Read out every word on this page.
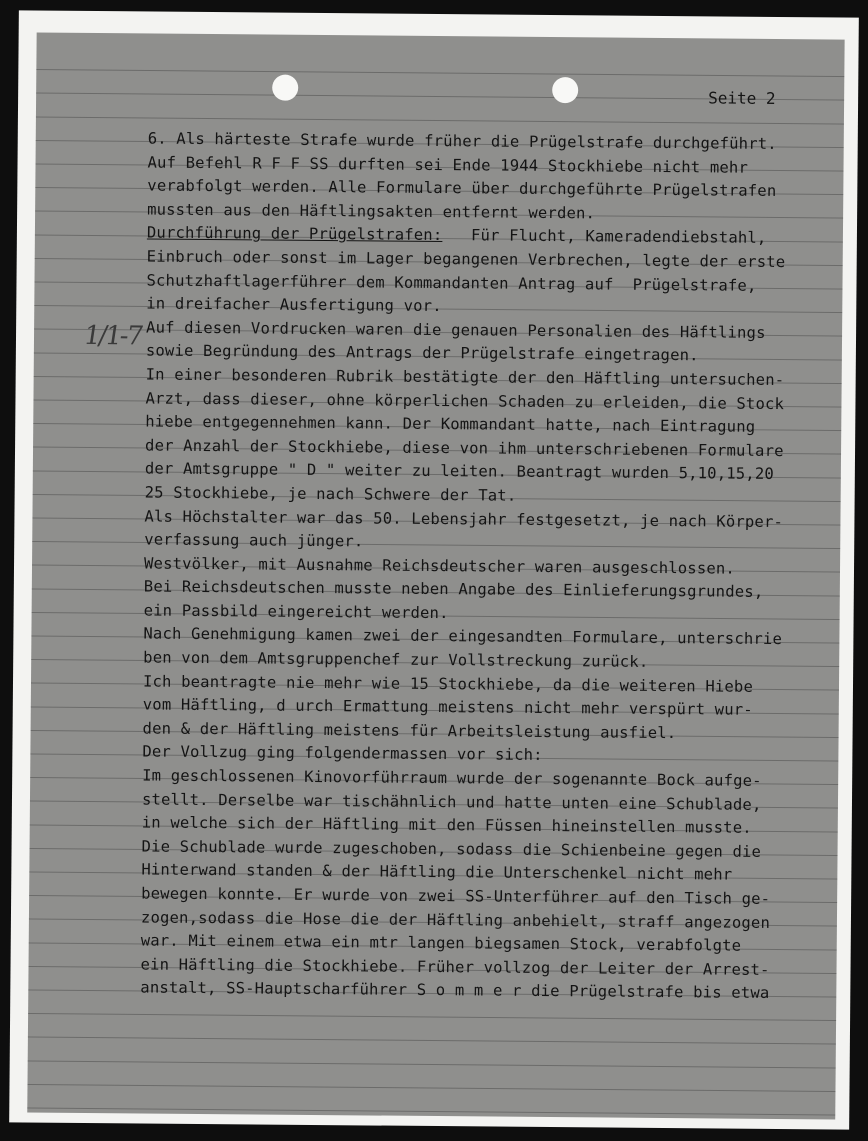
Seite 2
1/1-7
6. Als härteste Strafe wurde früher die Prügelstrafe durchgeführt.
Auf Befehl R F F SS durften sei Ende 1944 Stockhiebe nicht mehr
verabfolgt werden. Alle Formulare über durchgeführte Prügelstrafen
mussten aus den Häftlingsakten entfernt werden.
Durchführung der Prügelstrafen:   Für Flucht, Kameradendiebstahl,
Einbruch oder sonst im Lager begangenen Verbrechen, legte der erste
Schutzhaftlagerführer dem Kommandanten Antrag auf  Prügelstrafe,
in dreifacher Ausfertigung vor.
Auf diesen Vordrucken waren die genauen Personalien des Häftlings
sowie Begründung des Antrags der Prügelstrafe eingetragen.
In einer besonderen Rubrik bestätigte der den Häftling untersuchen-
Arzt, dass dieser, ohne körperlichen Schaden zu erleiden, die Stock
hiebe entgegennehmen kann. Der Kommandant hatte, nach Eintragung
der Anzahl der Stockhiebe, diese von ihm unterschriebenen Formulare
der Amtsgruppe " D " weiter zu leiten. Beantragt wurden 5,10,15,20
25 Stockhiebe, je nach Schwere der Tat.
Als Höchstalter war das 50. Lebensjahr festgesetzt, je nach Körper-
verfassung auch jünger.
Westvölker, mit Ausnahme Reichsdeutscher waren ausgeschlossen.
Bei Reichsdeutschen musste neben Angabe des Einlieferungsgrundes,
ein Passbild eingereicht werden.
Nach Genehmigung kamen zwei der eingesandten Formulare, unterschrie
ben von dem Amtsgruppenchef zur Vollstreckung zurück.
Ich beantragte nie mehr wie 15 Stockhiebe, da die weiteren Hiebe
vom Häftling, d urch Ermattung meistens nicht mehr verspürt wur-
den & der Häftling meistens für Arbeitsleistung ausfiel.
Der Vollzug ging folgendermassen vor sich:
Im geschlossenen Kinovorführraum wurde der sogenannte Bock aufge-
stellt. Derselbe war tischähnlich und hatte unten eine Schublade,
in welche sich der Häftling mit den Füssen hineinstellen musste.
Die Schublade wurde zugeschoben, sodass die Schienbeine gegen die
Hinterwand standen & der Häftling die Unterschenkel nicht mehr
bewegen konnte. Er wurde von zwei SS-Unterführer auf den Tisch ge-
zogen,sodass die Hose die der Häftling anbehielt, straff angezogen
war. Mit einem etwa ein mtr langen biegsamen Stock, verabfolgte
ein Häftling die Stockhiebe. Früher vollzog der Leiter der Arrest-
anstalt, SS-Hauptscharführer S o m m e r die Prügelstrafe bis etwa
